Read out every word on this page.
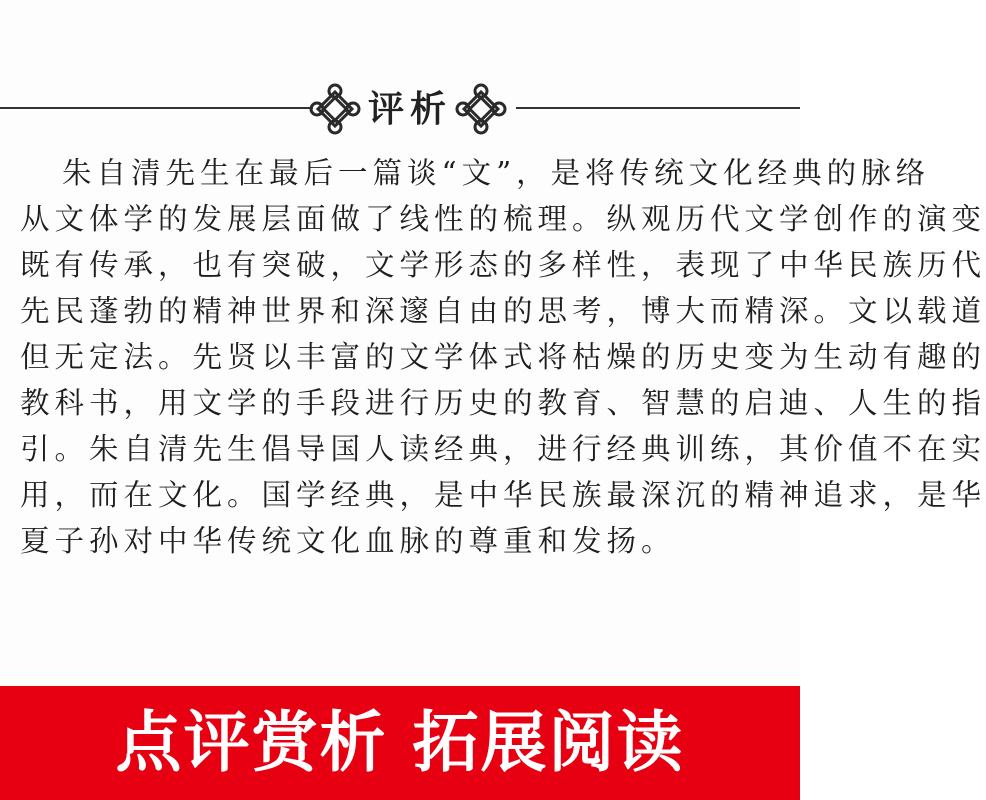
评析
朱自清先生在最后一篇谈“文”，是将传统文化经典的脉络
从文体学的发展层面做了线性的梳理。纵观历代文学创作的演变
既有传承，也有突破，文学形态的多样性，表现了中华民族历代
先民蓬勃的精神世界和深邃自由的思考，博大而精深。文以载道
但无定法。先贤以丰富的文学体式将枯燥的历史变为生动有趣的
教科书，用文学的手段进行历史的教育、智慧的启迪、人生的指
引。朱自清先生倡导国人读经典，进行经典训练，其价值不在实
用，而在文化。国学经典，是中华民族最深沉的精神追求，是华
夏子孙对中华传统文化血脉的尊重和发扬。
点评赏析 拓展阅读
